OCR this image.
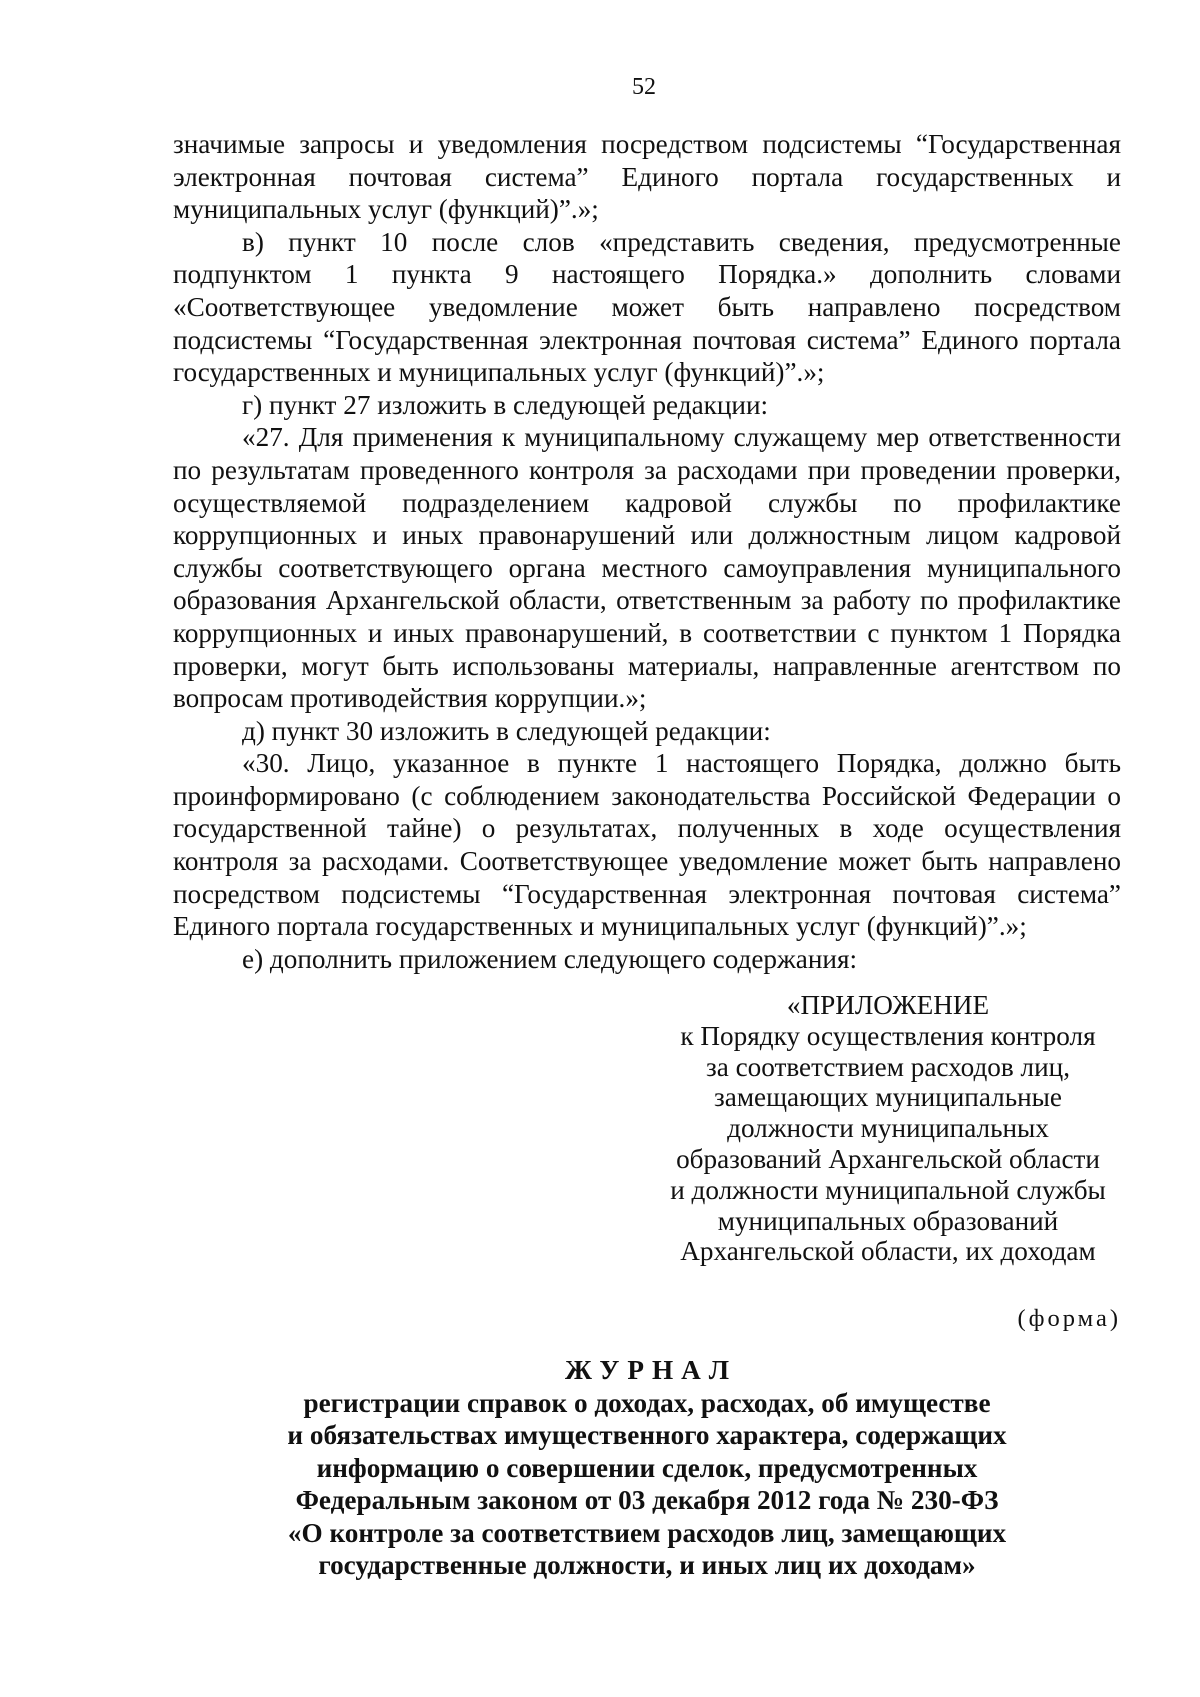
52

значимые запросы и уведомления посредством подсистемы “Государственная электронная почтовая система” Единого портала государственных и муниципальных услуг (функций)”.»;

в) пункт 10 после слов «представить сведения, предусмотренные подпунктом 1 пункта 9 настоящего Порядка.» дополнить словами «Соответствующее уведомление может быть направлено посредством подсистемы “Государственная электронная почтовая система” Единого портала государственных и муниципальных услуг (функций)”.»;

г) пункт 27 изложить в следующей редакции:

«27. Для применения к муниципальному служащему мер ответственности по результатам проведенного контроля за расходами при проведении проверки, осуществляемой подразделением кадровой службы по профилактике коррупционных и иных правонарушений или должностным лицом кадровой службы соответствующего органа местного самоуправления муниципального образования Архангельской области, ответственным за работу по профилактике коррупционных и иных правонарушений, в соответствии с пунктом 1 Порядка проверки, могут быть использованы материалы, направленные агентством по вопросам противодействия коррупции.»;

д) пункт 30 изложить в следующей редакции:

«30. Лицо, указанное в пункте 1 настоящего Порядка, должно быть проинформировано (с соблюдением законодательства Российской Федерации о государственной тайне) о результатах, полученных в ходе осуществления контроля за расходами. Соответствующее уведомление может быть направлено посредством подсистемы “Государственная электронная почтовая система” Единого портала государственных и муниципальных услуг (функций)”.»;

е) дополнить приложением следующего содержания:

«ПРИЛОЖЕНИЕ
к Порядку осуществления контроля
за соответствием расходов лиц,
замещающих муниципальные
должности муниципальных
образований Архангельской области
и должности муниципальной службы
муниципальных образований
Архангельской области, их доходам
(форма)
ЖУРНАЛ
регистрации справок о доходах, расходах, об имуществе
и обязательствах имущественного характера, содержащих
информацию о совершении сделок, предусмотренных
Федеральным законом от 03 декабря 2012 года № 230-ФЗ
«О контроле за соответствием расходов лиц, замещающих
государственные должности, и иных лиц их доходам»
